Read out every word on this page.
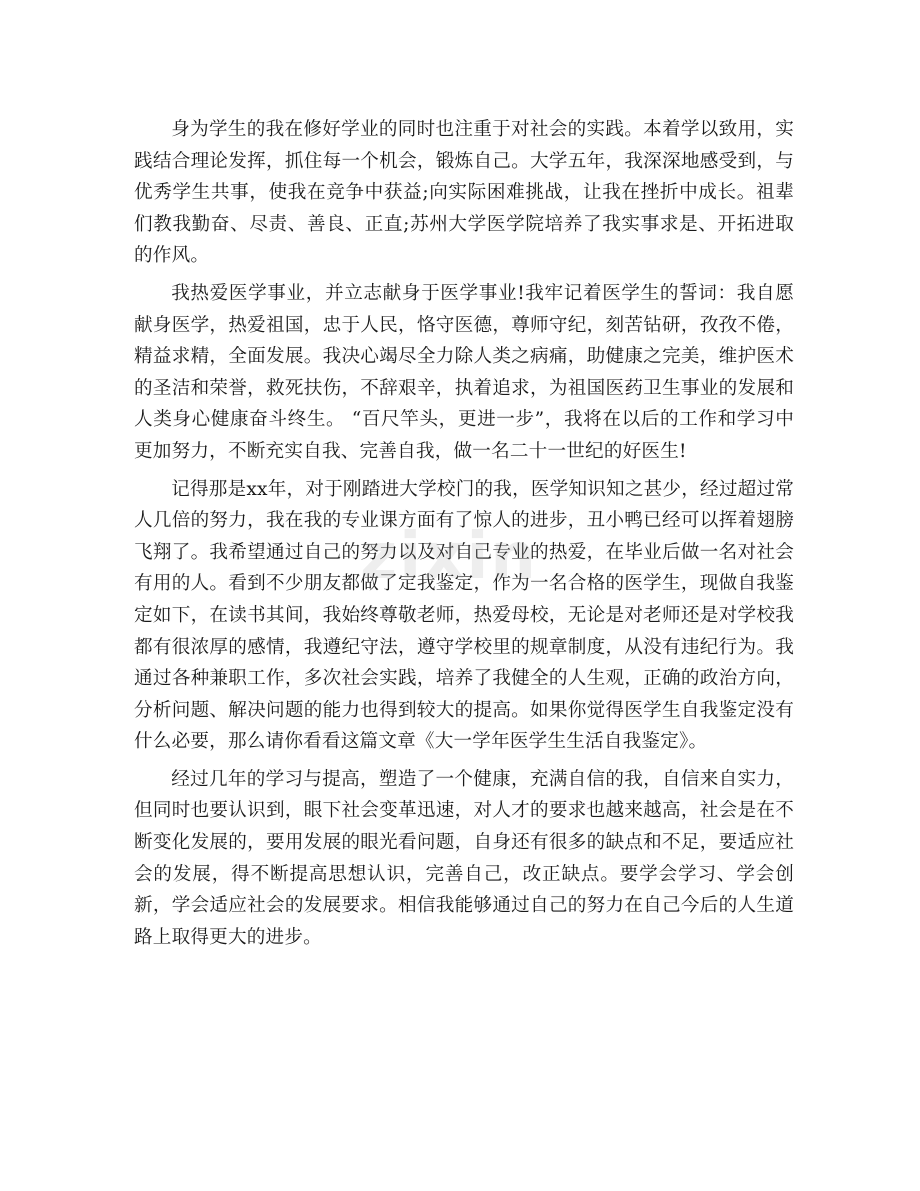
身为学生的我在修好学业的同时也注重于对社会的实践。本着学以致用，实践结合理论发挥，抓住每一个机会，锻炼自己。大学五年，我深深地感受到，与优秀学生共事，使我在竞争中获益;向实际困难挑战，让我在挫折中成长。祖辈们教我勤奋、尽责、善良、正直;苏州大学医学院培养了我实事求是、开拓进取的作风。

我热爱医学事业，并立志献身于医学事业!我牢记着医学生的誓词：我自愿献身医学，热爱祖国，忠于人民，恪守医德，尊师守纪，刻苦钻研，孜孜不倦，精益求精，全面发展。我决心竭尽全力除人类之病痛，助健康之完美，维护医术的圣洁和荣誉，救死扶伤，不辞艰辛，执着追求，为祖国医药卫生事业的发展和人类身心健康奋斗终生。 “百尺竿头，更进一步”，我将在以后的工作和学习中更加努力，不断充实自我、完善自我，做一名二十一世纪的好医生!

记得那是xx年，对于刚踏进大学校门的我，医学知识知之甚少，经过超过常人几倍的努力，我在我的专业课方面有了惊人的进步，丑小鸭已经可以挥着翅膀飞翔了。我希望通过自己的努力以及对自己专业的热爱，在毕业后做一名对社会有用的人。看到不少朋友都做了定我鉴定，作为一名合格的医学生，现做自我鉴定如下，在读书其间，我始终尊敬老师，热爱母校，无论是对老师还是对学校我都有很浓厚的感情，我遵纪守法，遵守学校里的规章制度，从没有违纪行为。我通过各种兼职工作，多次社会实践，培养了我健全的人生观，正确的政治方向，分析问题、解决问题的能力也得到较大的提高。如果你觉得医学生自我鉴定没有什么必要，那么请你看看这篇文章《大一学年医学生生活自我鉴定》。

经过几年的学习与提高，塑造了一个健康，充满自信的我，自信来自实力，但同时也要认识到，眼下社会变革迅速，对人才的要求也越来越高，社会是在不断变化发展的，要用发展的眼光看问题，自身还有很多的缺点和不足，要适应社会的发展，得不断提高思想认识，完善自己，改正缺点。要学会学习、学会创新，学会适应社会的发展要求。相信我能够通过自己的努力在自己今后的人生道路上取得更大的进步。

zixin
